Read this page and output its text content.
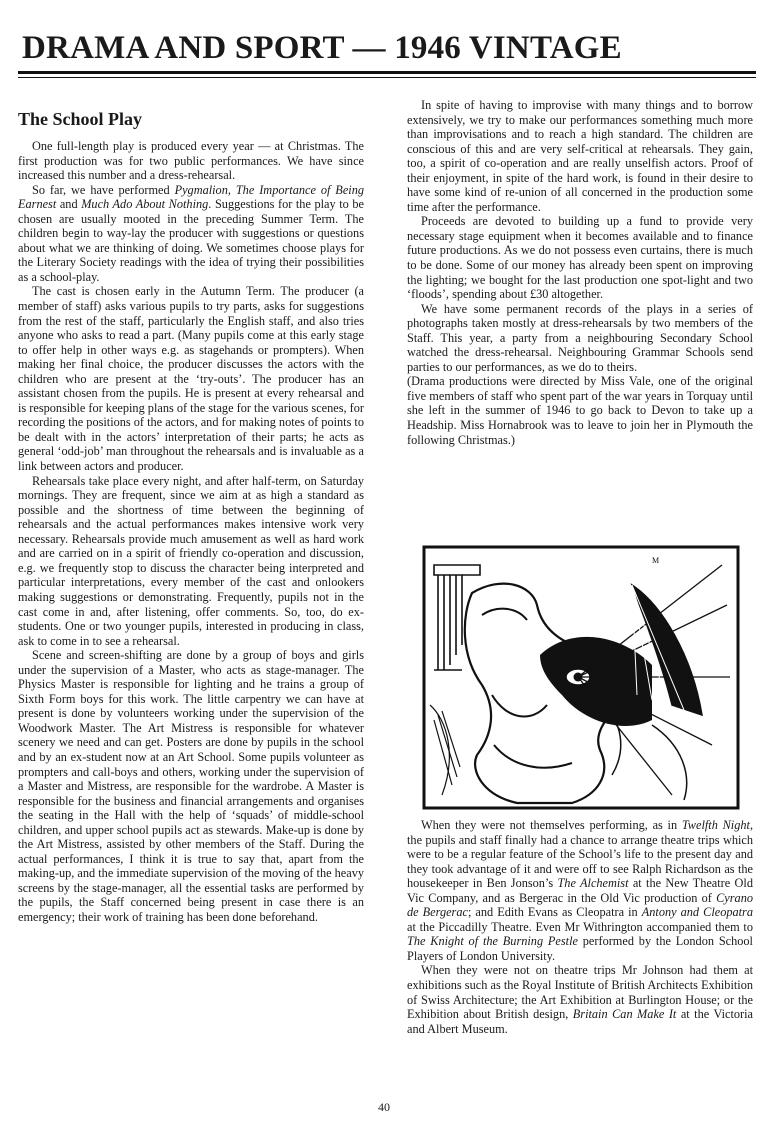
DRAMA AND SPORT — 1946 VINTAGE
The School Play

One full-length play is produced every year — at Christmas. The first production was for two public performances. We have since increased this number and a dress-rehearsal.

So far, we have performed Pygmalion, The Importance of Being Earnest and Much Ado About Nothing. Suggestions for the play to be chosen are usually mooted in the preceding Summer Term. The children begin to way-lay the producer with suggestions or questions about what we are thinking of doing. We sometimes choose plays for the Literary Society readings with the idea of trying their possibilities as a school-play.

The cast is chosen early in the Autumn Term. The producer (a member of staff) asks various pupils to try parts, asks for suggestions from the rest of the staff, particularly the English staff, and also tries anyone who asks to read a part. (Many pupils come at this early stage to offer help in other ways e.g. as stagehands or prompters). When making her final choice, the producer discusses the actors with the children who are present at the ‘try-outs’. The producer has an assistant chosen from the pupils. He is present at every rehearsal and is responsible for keeping plans of the stage for the various scenes, for recording the positions of the actors, and for making notes of points to be dealt with in the actors’ interpretation of their parts; he acts as general ‘odd-job’ man throughout the rehearsals and is invaluable as a link between actors and producer.

Rehearsals take place every night, and after half-term, on Saturday mornings. They are frequent, since we aim at as high a standard as possible and the shortness of time between the beginning of rehearsals and the actual performances makes intensive work very necessary. Rehearsals provide much amusement as well as hard work and are carried on in a spirit of friendly co-operation and discussion, e.g. we frequently stop to discuss the character being interpreted and particular interpretations, every member of the cast and onlookers making suggestions or demonstrating. Frequently, pupils not in the cast come in and, after listening, offer comments. So, too, do ex-students. One or two younger pupils, interested in producing in class, ask to come in to see a rehearsal.

Scene and screen-shifting are done by a group of boys and girls under the supervision of a Master, who acts as stage-manager. The Physics Master is responsible for lighting and he trains a group of Sixth Form boys for this work. The little carpentry we can have at present is done by volunteers working under the supervision of the Woodwork Master. The Art Mistress is responsible for whatever scenery we need and can get. Posters are done by pupils in the school and by an ex-student now at an Art School. Some pupils volunteer as prompters and call-boys and others, working under the supervision of a Master and Mistress, are responsible for the wardrobe. A Master is responsible for the business and financial arrangements and organises the seating in the Hall with the help of ‘squads’ of middle-school children, and upper school pupils act as stewards. Make-up is done by the Art Mistress, assisted by other members of the Staff. During the actual performances, I think it is true to say that, apart from the making-up, and the immediate supervision of the moving of the heavy screens by the stage-manager, all the essential tasks are performed by the pupils, the Staff concerned being present in case there is an emergency; their work of training has been done beforehand.

In spite of having to improvise with many things and to borrow extensively, we try to make our performances something much more than improvisations and to reach a high standard. The children are conscious of this and are very self-critical at rehearsals. They gain, too, a spirit of co-operation and are really unselfish actors. Proof of their enjoyment, in spite of the hard work, is found in their desire to have some kind of re-union of all concerned in the production some time after the performance.

Proceeds are devoted to building up a fund to provide very necessary stage equipment when it becomes available and to finance future productions. As we do not possess even curtains, there is much to be done. Some of our money has already been spent on improving the lighting; we bought for the last production one spot-light and two ‘floods’, spending about £30 altogether.

We have some permanent records of the plays in a series of photographs taken mostly at dress-rehearsals by two members of the Staff. This year, a party from a neighbouring Secondary School watched the dress-rehearsal. Neighbouring Grammar Schools send parties to our performances, as we do to theirs.

(Drama productions were directed by Miss Vale, one of the original five members of staff who spent part of the war years in Torquay until she left in the summer of 1946 to go back to Devon to take up a Headship. Miss Hornabrook was to leave to join her in Plymouth the following Christmas.)

M

When they were not themselves performing, as in Twelfth Night, the pupils and staff finally had a chance to arrange theatre trips which were to be a regular feature of the School’s life to the present day and they took advantage of it and were off to see Ralph Richardson as the housekeeper in Ben Jonson’s The Alchemist at the New Theatre Old Vic Company, and as Bergerac in the Old Vic production of Cyrano de Bergerac; and Edith Evans as Cleopatra in Antony and Cleopatra at the Piccadilly Theatre. Even Mr Withrington accompanied them to The Knight of the Burning Pestle performed by the London School Players of London University.

When they were not on theatre trips Mr Johnson had them at exhibitions such as the Royal Institute of British Architects Exhibition of Swiss Architecture; the Art Exhibition at Burlington House; or the Exhibition about British design, Britain Can Make It at the Victoria and Albert Museum.

40
